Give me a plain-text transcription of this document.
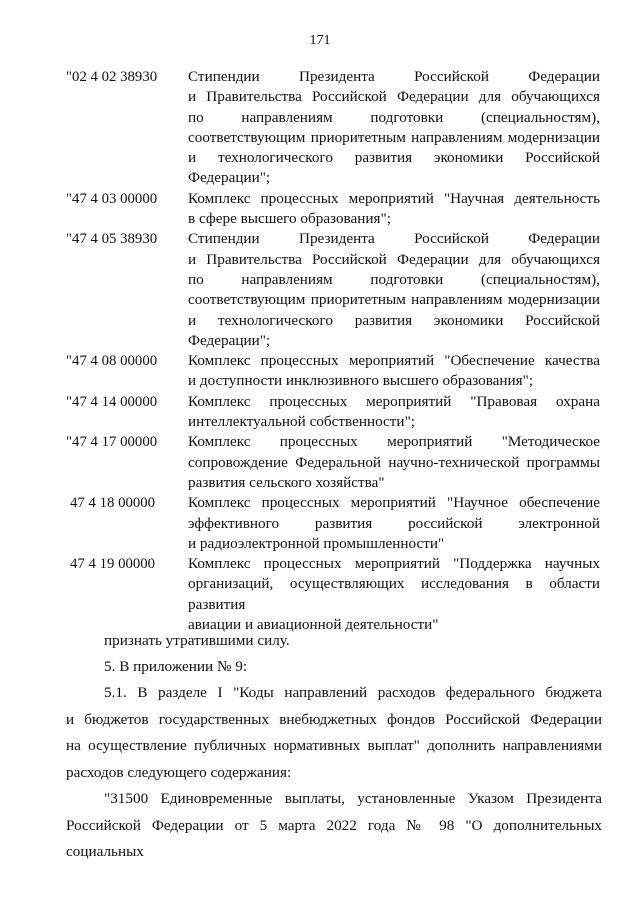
171
"02 4 02 38930	Стипендии Президента Российской Федерации
и Правительства Российской Федерации для обучающихся
по направлениям подготовки (специальностям),
соответствующим приоритетным направлениям модернизации
и технологического развития экономики Российской
Федерации";
"47 4 03 00000	Комплекс процессных мероприятий "Научная деятельность
в сфере высшего образования";
"47 4 05 38930	Стипендии Президента Российской Федерации
и Правительства Российской Федерации для обучающихся
по направлениям подготовки (специальностям),
соответствующим приоритетным направлениям модернизации
и технологического развития экономики Российской
Федерации";
"47 4 08 00000	Комплекс процессных мероприятий "Обеспечение качества
и доступности инклюзивного высшего образования";
"47 4 14 00000	Комплекс процессных мероприятий "Правовая охрана
интеллектуальной собственности";
"47 4 17 00000	Комплекс процессных мероприятий "Методическое
сопровождение Федеральной научно-технической программы
развития сельского хозяйства"
47 4 18 00000	Комплекс процессных мероприятий "Научное обеспечение
эффективного развития российской электронной
и радиоэлектронной промышленности"
47 4 19 00000	Комплекс процессных мероприятий "Поддержка научных
организаций, осуществляющих исследования в области развития
авиации и авиационной деятельности"
признать утратившими силу.
5. В приложении № 9:
5.1. В разделе I "Коды направлений расходов федерального бюджета
и бюджетов государственных внебюджетных фондов Российской Федерации
на осуществление публичных нормативных выплат" дополнить направлениями
расходов следующего содержания:
"31500 Единовременные выплаты, установленные Указом Президента
Российской Федерации от 5 марта 2022 года № 98 "О дополнительных социальных
